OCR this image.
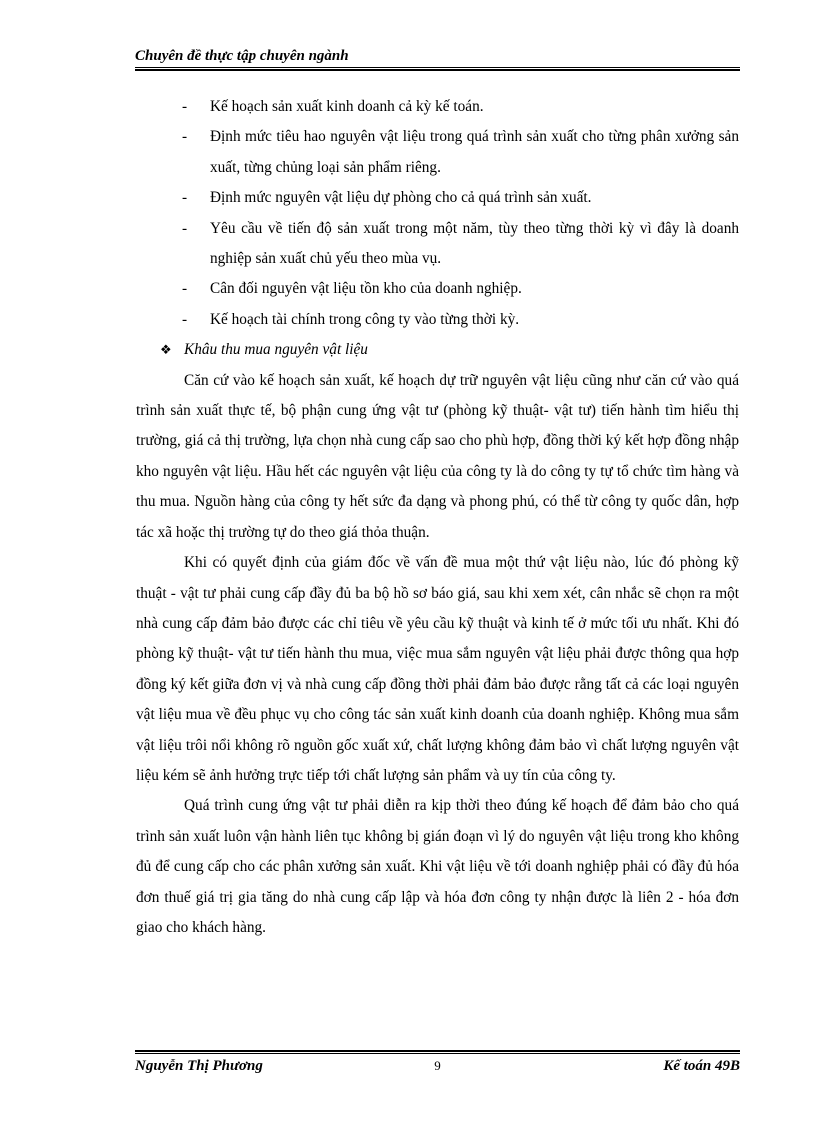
Chuyên đề thực tập chuyên ngành
- Kế hoạch sản xuất kinh doanh cả kỳ kế toán.
- Định mức tiêu hao nguyên vật liệu trong quá trình sản xuất cho từng phân xưởng sản xuất, từng chủng loại sản phẩm riêng.
- Định mức nguyên vật liệu dự phòng cho cả quá trình sản xuất.
- Yêu cầu về tiến độ sản xuất trong một năm, tùy theo từng thời kỳ vì đây là doanh nghiệp sản xuất chủ yếu theo mùa vụ.
- Cân đối nguyên vật liệu tồn kho của doanh nghiệp.
- Kế hoạch tài chính trong công ty vào từng thời kỳ.
❖ Khâu thu mua nguyên vật liệu

Căn cứ vào kế hoạch sản xuất, kế hoạch dự trữ nguyên vật liệu cũng như căn cứ vào quá trình sản xuất thực tế, bộ phận cung ứng vật tư (phòng kỹ thuật- vật tư) tiến hành tìm hiểu thị trường, giá cả thị trường, lựa chọn nhà cung cấp sao cho phù hợp, đồng thời ký kết hợp đồng nhập kho nguyên vật liệu. Hầu hết các nguyên vật liệu của công ty là do công ty tự tổ chức tìm hàng và thu mua. Nguồn hàng của công ty hết sức đa dạng và phong phú, có thể từ công ty quốc dân, hợp tác xã hoặc thị trường tự do theo giá thỏa thuận.

Khi có quyết định của giám đốc về vấn đề mua một thứ vật liệu nào, lúc đó phòng kỹ thuật - vật tư phải cung cấp đầy đủ ba bộ hồ sơ báo giá, sau khi xem xét, cân nhắc sẽ chọn ra một nhà cung cấp đảm bảo được các chỉ tiêu về yêu cầu kỹ thuật và kinh tế ở mức tối ưu nhất. Khi đó phòng kỹ thuật- vật tư tiến hành thu mua, việc mua sắm nguyên vật liệu phải được thông qua hợp đồng ký kết giữa đơn vị và nhà cung cấp đồng thời phải đảm bảo được rằng tất cả các loại nguyên vật liệu mua về đều phục vụ cho công tác sản xuất kinh doanh của doanh nghiệp. Không mua sắm vật liệu trôi nổi không rõ nguồn gốc xuất xứ, chất lượng không đảm bảo vì chất lượng nguyên vật liệu kém sẽ ảnh hưởng trực tiếp tới chất lượng sản phẩm và uy tín của công ty.

Quá trình cung ứng vật tư phải diễn ra kịp thời theo đúng kế hoạch để đảm bảo cho quá trình sản xuất luôn vận hành liên tục không bị gián đoạn vì lý do nguyên vật liệu trong kho không đủ để cung cấp cho các phân xưởng sản xuất. Khi vật liệu về tới doanh nghiệp phải có đầy đủ hóa đơn thuế giá trị gia tăng do nhà cung cấp lập và hóa đơn công ty nhận được là liên 2 - hóa đơn giao cho khách hàng.

Nguyễn Thị Phương	9	Kế toán 49B
